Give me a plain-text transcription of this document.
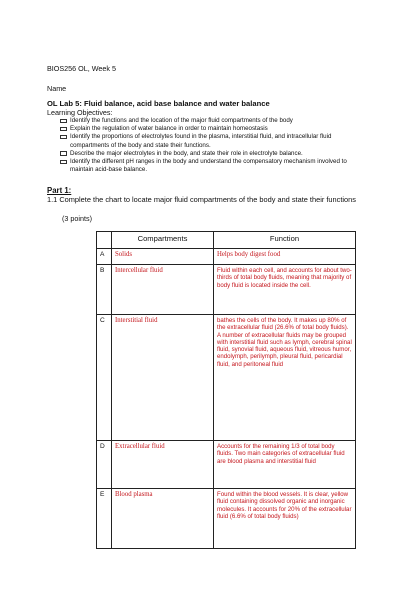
BIOS256 OL, Week 5
Name
OL Lab 5: Fluid balance, acid base balance and water balance
Learning Objectives:
Identify the functions and the location of the major fluid compartments of the body
Explain the regulation of water balance in order to maintain homeostasis
Identify the proportions of electrolytes found in the plasma, interstitial fluid, and intracellular fluid compartments of the body and state their functions.
Describe the major electrolytes in the body, and state their role in electrolyte balance.
Identify the different pH ranges in the body and understand the compensatory mechanism involved to maintain acid-base balance.
Part 1:
1.1 Complete the chart to locate major fluid compartments of the body and state their functions
(3 points)
	Compartments	Function
A	Solids	Helps body digest food
B	Intercellular fluid	Fluid within each cell, and accounts for about two-thirds of total body fluids, meaning that majority of body fluid is located inside the cell.
C	Interstitial fluid	bathes the cells of the body. It makes up 80% of the extracellular fluid (26.6% of total body fluids). A number of extracellular fluids may be grouped with interstitial fluid such as lymph, cerebral spinal fluid, synovial fluid, aqueous fluid, vitreous humor, endolymph, perilymph, pleural fluid, pericardial fluid, and peritoneal fluid
D	Extracellular fluid	Accounts for the remaining 1/3 of total body fluids. Two main categories of extracellular fluid are blood plasma and interstitial fluid
E	Blood plasma	Found within the blood vessels. It is clear, yellow fluid containing dissolved organic and inorganic molecules. It accounts for 20% of the extracellular fluid (6.6% of total body fluids)
